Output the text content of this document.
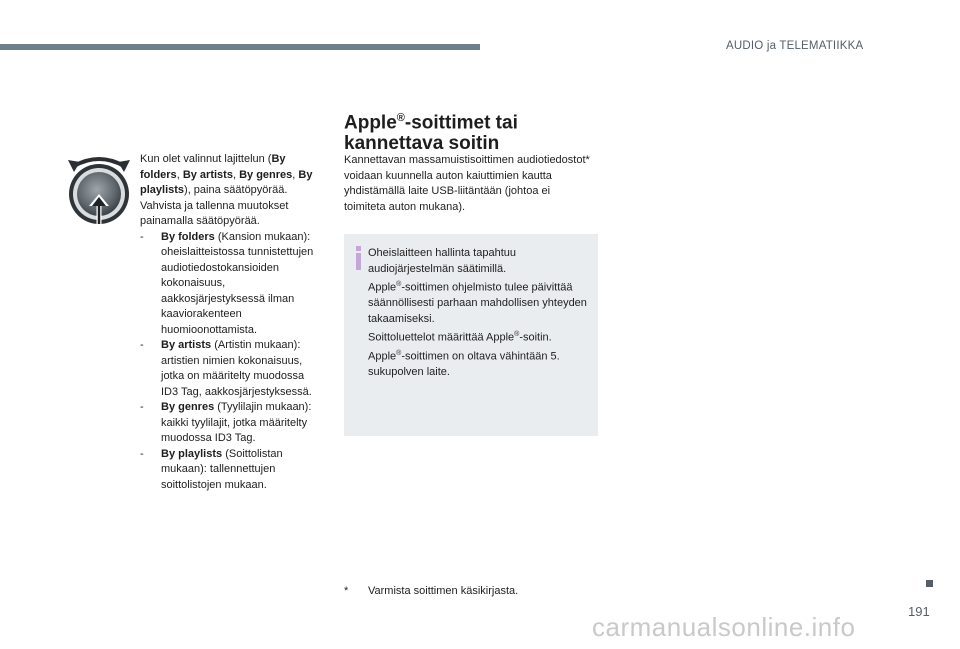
AUDIO ja TELEMATIIKKA

Kun olet valinnut lajittelun (By folders, By artists, By genres, By playlists), paina säätöpyörää.

Vahvista ja tallenna muutokset painamalla säätöpyörää.

-	By folders (Kansion mukaan): oheislaitteistossa tunnistettujen audiotiedostokansioiden kokonaisuus, aakkosjärjestyksessä ilman kaaviorakenteen huomioonottamista.
-	By artists (Artistin mukaan): artistien nimien kokonaisuus, jotka on määritelty muodossa ID3 Tag, aakkosjärjestyksessä.
-	By genres (Tyylilajin mukaan): kaikki tyylilajit, jotka määritelty muodossa ID3 Tag.
-	By playlists (Soittolistan mukaan): tallennettujen soittolistojen mukaan.
Apple®-soittimet tai
kannettava soitin

Kannettavan massamuistisoittimen audiotiedostot* voidaan kuunnella auton kaiuttimien kautta yhdistämällä laite USB-liitäntään (johtoa ei toimiteta auton mukana).

Oheislaitteen hallinta tapahtuu audiojärjestelmän säätimillä.
Apple®-soittimen ohjelmisto tulee päivittää säännöllisesti parhaan mahdollisen yhteyden takaamiseksi.
Soittoluettelot määrittää Apple®-soitin.
Apple®-soittimen on oltava vähintään 5. sukupolven laite.
*	Varmista soittimen käsikirjasta.
191
carmanualsonline.info
